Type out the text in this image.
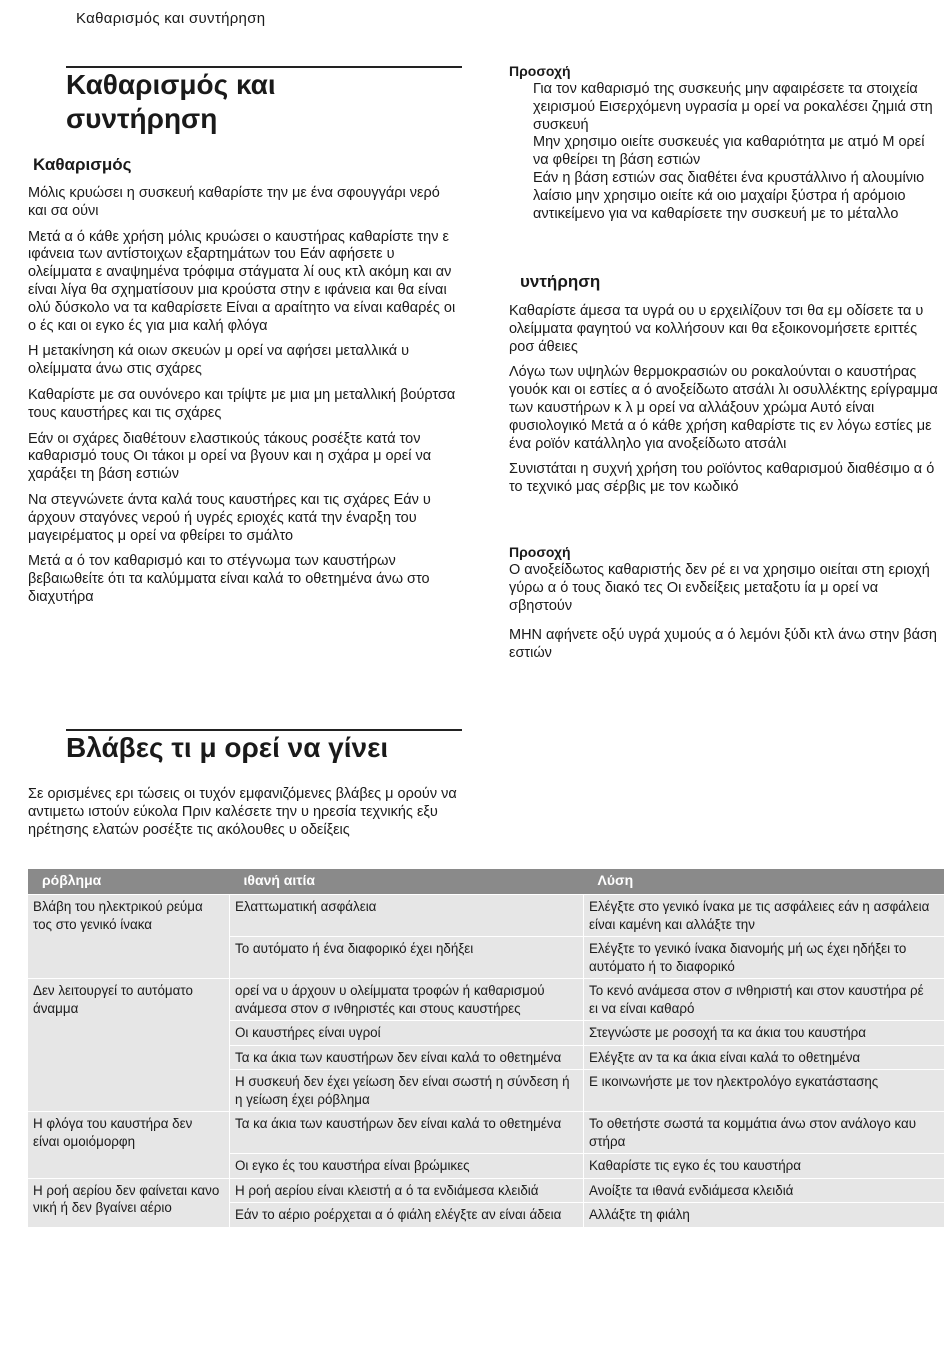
Καθαρισμός και συντήρηση
Καθαρισμός και
συντήρηση
Καθαρισμός

Μόλις κρυώσει η συσκευή καθαρίστε την με ένα σφουγγάρι νερό και σα ούνι

Μετά α ό κάθε χρήση μόλις κρυώσει ο καυστήρας καθαρίστε την ε ιφάνεια των αντίστοιχων εξαρτημάτων του Εάν αφήσετε υ ολείμματα ε αναψημένα τρόφιμα στάγματα λί ους κτλ ακόμη και αν είναι λίγα θα σχηματίσουν μια κρούστα στην ε ιφάνεια και θα είναι ολύ δύσκολο να τα καθαρίσετε Είναι α αραίτητο να είναι καθαρές οι ο ές και οι εγκο ές για μια καλή φλόγα

Η μετακίνηση κά οιων σκευών μ ορεί να αφήσει μεταλλικά υ ολείμματα άνω στις σχάρες

Καθαρίστε με σα ουνόνερο και τρίψτε με μια μη μεταλλική βούρτσα τους καυστήρες και τις σχάρες

Εάν οι σχάρες διαθέτουν ελαστικούς τάκους ροσέξτε κατά τον καθαρισμό τους Οι τάκοι μ ορεί να βγουν και η σχάρα μ ορεί να χαράξει τη βάση εστιών

Να στεγνώνετε άντα καλά τους καυστήρες και τις σχάρες Εάν υ άρχουν σταγόνες νερού ή υγρές εριοχές κατά την έναρξη του μαγειρέματος μ ορεί να φθείρει το σμάλτο

Μετά α ό τον καθαρισμό και το στέγνωμα των καυστήρων βεβαιωθείτε ότι τα καλύμματα είναι καλά το οθετημένα άνω στο διαχυτήρα

Προσοχή
Για τον καθαρισμό της συσκευής μην αφαιρέσετε τα στοιχεία χειρισμού Εισερχόμενη υγρασία μ ορεί να ροκαλέσει ζημιά στη συσκευή
Μην χρησιμο οιείτε συσκευές για καθαριότητα με ατμό Μ ορεί να φθείρει τη βάση εστιών
Εάν η βάση εστιών σας διαθέτει ένα κρυστάλλινο ή αλουμίνιο λαίσιο μην χρησιμο οιείτε κά οιο μαχαίρι ξύστρα ή αρόμοιο αντικείμενο για να καθαρίσετε την συσκευή με το μέταλλο
υντήρηση

Καθαρίστε άμεσα τα υγρά ου υ ερχειλίζουν τσι θα εμ οδίσετε τα υ ολείμματα φαγητού να κολλήσουν και θα εξοικονομήσετε εριττές ροσ άθειες

Λόγω των υψηλών θερμοκρασιών ου ροκαλούνται ο καυστήρας γουόκ και οι εστίες α ό ανοξείδωτο ατσάλι λι οσυλλέκτης ερίγραμμα των καυστήρων κ λ μ ορεί να αλλάξουν χρώμα Αυτό είναι φυσιολογικό Μετά α ό κάθε χρήση καθαρίστε τις εν λόγω εστίες με ένα ροϊόν κατάλληλο για ανοξείδωτο ατσάλι

Συνιστάται η συχνή χρήση του ροϊόντος καθαρισμού διαθέσιμο α ό το τεχνικό μας σέρβις με τον κωδικό

Προσοχή

Ο ανοξείδωτος καθαριστής δεν ρέ ει να χρησιμο οιείται στη εριοχή γύρω α ό τους διακό τες Οι ενδείξεις μεταξοτυ ία μ ορεί να σβηστούν

ΜΗΝ αφήνετε οξύ υγρά χυμούς α ό λεμόνι ξύδι κτλ άνω στην βάση εστιών

Βλάβες τι μ ορεί να γίνει

Σε ορισμένες ερι τώσεις οι τυχόν εμφανιζόμενες βλάβες μ ορούν να αντιμετω ιστούν εύκολα Πριν καλέσετε την υ ηρεσία τεχνικής εξυ ηρέτησης ελατών ροσέξτε τις ακόλουθες υ οδείξεις

ρόβλημα	ιθανή αιτία	Λύση
Βλάβη του ηλεκτρικού ρεύμα τος στο γενικό ίνακα	Ελαττωματική ασφάλεια	Ελέγξτε στο γενικό ίνακα με τις ασφάλειες εάν η ασφάλεια είναι καμένη και αλλάξτε την
	Το αυτόματο ή ένα διαφορικό έχει ηδήξει	Ελέγξτε το γενικό ίνακα διανομής μή ως έχει ηδήξει το αυτόματο ή το διαφορικό
Δεν λειτουργεί το αυτόματο άναμμα	ορεί να υ άρχουν υ ολείμματα τροφών ή καθαρισμού ανάμεσα στον σ ινθηριστές και στους καυστήρες	Το κενό ανάμεσα στον σ ινθηριστή και στον καυστήρα ρέ ει να είναι καθαρό
	Οι καυστήρες είναι υγροί	Στεγνώστε με ροσοχή τα κα άκια του καυστήρα
	Τα κα άκια των καυστήρων δεν είναι καλά το οθετημένα	Ελέγξτε αν τα κα άκια είναι καλά το οθετημένα
	Η συσκευή δεν έχει γείωση δεν είναι σωστή η σύνδεση ή η γείωση έχει ρόβλημα	Ε ικοινωνήστε με τον ηλεκτρολόγο εγκατάστασης
Η φλόγα του καυστήρα δεν είναι ομοιόμορφη	Τα κα άκια των καυστήρων δεν είναι καλά το οθετημένα	Το οθετήστε σωστά τα κομμάτια άνω στον ανάλογο καυ στήρα
	Οι εγκο ές του καυστήρα είναι βρώμικες	Καθαρίστε τις εγκο ές του καυστήρα
Η ροή αερίου δεν φαίνεται κανο νική ή δεν βγαίνει αέριο	Η ροή αερίου είναι κλειστή α ό τα ενδιάμεσα κλειδιά	Ανοίξτε τα ιθανά ενδιάμεσα κλειδιά
	Εάν το αέριο ροέρχεται α ό φιάλη ελέγξτε αν είναι άδεια	Αλλάξτε τη φιάλη
